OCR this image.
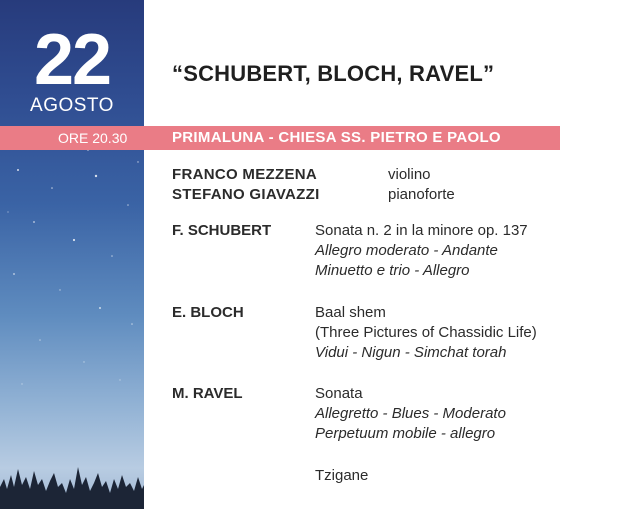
22
AGOSTO
ORE 20.30	PRIMALUNA - CHIESA SS. PIETRO E PAOLO
“SCHUBERT, BLOCH, RAVEL”
FRANCO MEZZENA	violino
STEFANO GIAVAZZI	pianoforte
F. SCHUBERT	Sonata n. 2 in la minore op. 137
Allegro moderato - Andante
Minuetto e trio - Allegro
E. BLOCH	Baal shem
(Three Pictures of Chassidic Life)
Vidui - Nigun - Simchat torah
M. RAVEL	Sonata
Allegretto - Blues - Moderato
Perpetuum mobile - allegro
Tzigane
